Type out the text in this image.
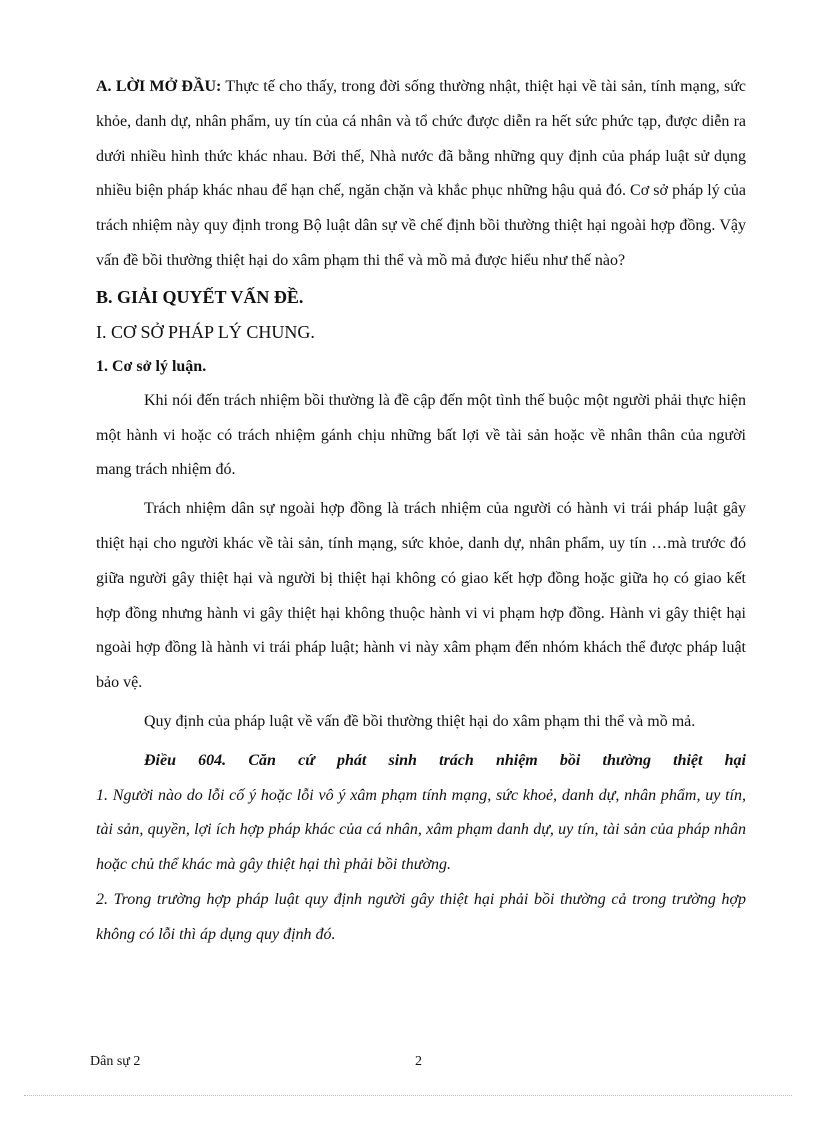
A. LỜI MỞ ĐẦU: Thực tế cho thấy, trong đời sống thường nhật, thiệt hại về tài sản, tính mạng, sức khỏe, danh dự, nhân phẩm, uy tín của cá nhân và tổ chức được diễn ra hết sức phức tạp, được diễn ra dưới nhiều hình thức khác nhau. Bởi thế, Nhà nước đã bằng những quy định của pháp luật sử dụng nhiều biện pháp khác nhau để hạn chế, ngăn chặn và khắc phục những hậu quả đó. Cơ sở pháp lý của trách nhiệm này quy định trong Bộ luật dân sự về chế định bồi thường thiệt hại ngoài hợp đồng. Vậy vấn đề bồi thường thiệt hại do xâm phạm thi thể và mồ mả được hiểu như thế nào?

B. GIẢI QUYẾT VẤN ĐỀ.
I. CƠ SỞ PHÁP LÝ CHUNG.
1. Cơ sở lý luận.

Khi nói đến trách nhiệm bồi thường là đề cập đến một tình thế buộc một người phải thực hiện một hành vi hoặc có trách nhiệm gánh chịu những bất lợi về tài sản hoặc về nhân thân của người mang trách nhiệm đó.

Trách nhiệm dân sự ngoài hợp đồng là trách nhiệm của người có hành vi trái pháp luật gây thiệt hại cho người khác về tài sản, tính mạng, sức khỏe, danh dự, nhân phẩm, uy tín …mà trước đó giữa người gây thiệt hại và người bị thiệt hại không có giao kết hợp đồng hoặc giữa họ có giao kết hợp đồng nhưng hành vi gây thiệt hại không thuộc hành vi vi phạm hợp đồng. Hành vi gây thiệt hại ngoài hợp đồng là hành vi trái pháp luật; hành vi này xâm phạm đến nhóm khách thể được pháp luật bảo vệ.

Quy định của pháp luật về vấn đề bồi thường thiệt hại do xâm phạm thi thể và mồ mả.

Điều 604. Căn cứ phát sinh trách nhiệm bồi thường thiệt hại

1. Người nào do lỗi cố ý hoặc lỗi vô ý xâm phạm tính mạng, sức khoẻ, danh dự, nhân phẩm, uy tín, tài sản, quyền, lợi ích hợp pháp khác của cá nhân, xâm phạm danh dự, uy tín, tài sản của pháp nhân hoặc chủ thể khác mà gây thiệt hại thì phải bồi thường.

2. Trong trường hợp pháp luật quy định người gây thiệt hại phải bồi thường cả trong trường hợp không có lỗi thì áp dụng quy định đó.

Dân sự 2	2
